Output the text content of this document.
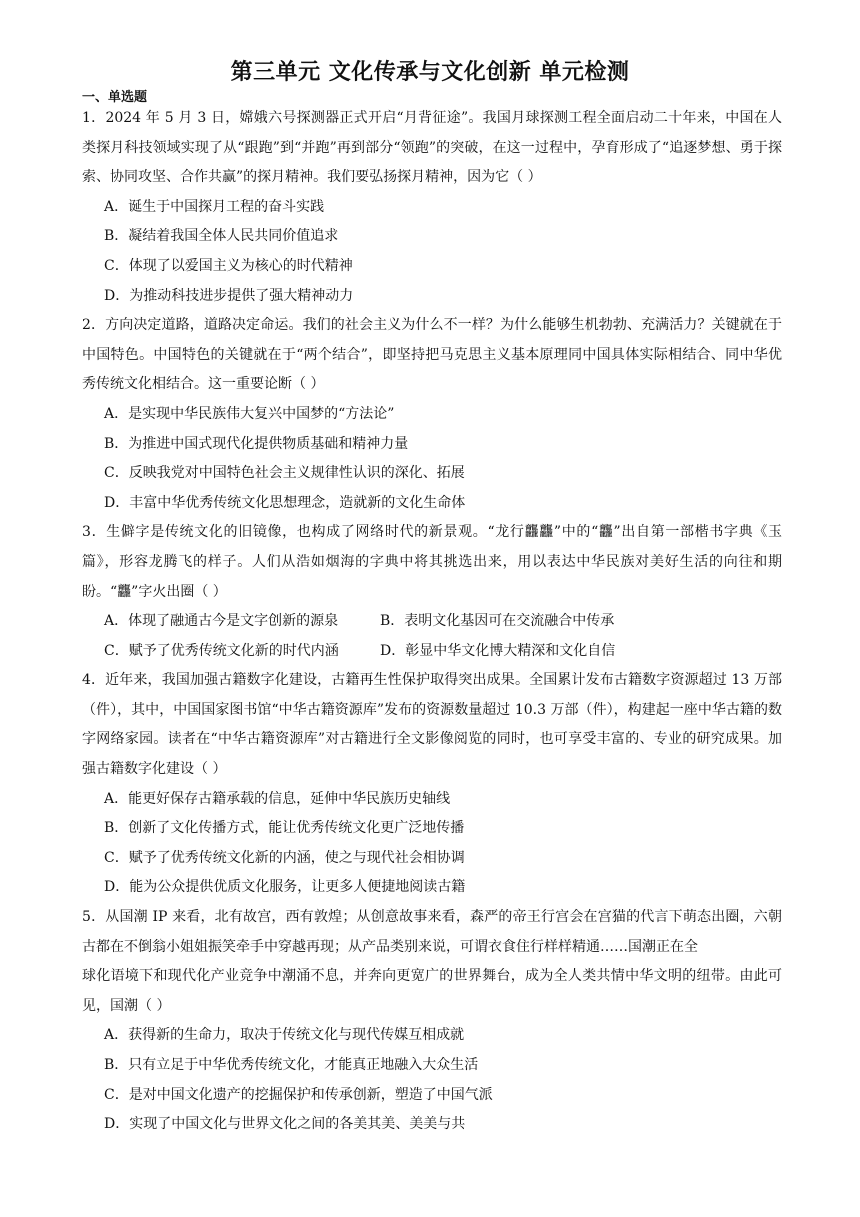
第三单元 文化传承与文化创新 单元检测
一、单选题
1．2024 年 5 月 3 日，嫦娥六号探测器正式开启“月背征途”。我国月球探测工程全面启动二十年来，中国在人类探月科技领域实现了从“跟跑”到“并跑”再到部分“领跑”的突破，在这一过程中，孕育形成了“追逐梦想、勇于探索、协同攻坚、合作共赢”的探月精神。我们要弘扬探月精神，因为它（ ）
A．诞生于中国探月工程的奋斗实践
B．凝结着我国全体人民共同价值追求
C．体现了以爱国主义为核心的时代精神
D．为推动科技进步提供了强大精神动力
2．方向决定道路，道路决定命运。我们的社会主义为什么不一样？为什么能够生机勃勃、充满活力？关键就在于中国特色。中国特色的关键就在于“两个结合”，即坚持把马克思主义基本原理同中国具体实际相结合、同中华优秀传统文化相结合。这一重要论断（ ）
A．是实现中华民族伟大复兴中国梦的“方法论”
B．为推进中国式现代化提供物质基础和精神力量
C．反映我党对中国特色社会主义规律性认识的深化、拓展
D．丰富中华优秀传统文化思想理念，造就新的文化生命体
3．生僻字是传统文化的旧镜像，也构成了网络时代的新景观。“龙行龘龘”中的“龘”出自第一部楷书字典《玉篇》，形容龙腾飞的样子。人们从浩如烟海的字典中将其挑选出来，用以表达中华民族对美好生活的向往和期盼。“龘”字火出圈（ ）
A．体现了融通古今是文字创新的源泉	B．表明文化基因可在交流融合中传承
C．赋予了优秀传统文化新的时代内涵	D．彰显中华文化博大精深和文化自信
4．近年来，我国加强古籍数字化建设，古籍再生性保护取得突出成果。全国累计发布古籍数字资源超过 13 万部（件），其中，中国国家图书馆“中华古籍资源库”发布的资源数量超过 10.3 万部（件），构建起一座中华古籍的数字网络家园。读者在“中华古籍资源库”对古籍进行全文影像阅览的同时，也可享受丰富的、专业的研究成果。加强古籍数字化建设（ ）
A．能更好保存古籍承载的信息，延伸中华民族历史轴线
B．创新了文化传播方式，能让优秀传统文化更广泛地传播
C．赋予了优秀传统文化新的内涵，使之与现代社会相协调
D．能为公众提供优质文化服务，让更多人便捷地阅读古籍
5．从国潮 IP 来看，北有故宫，西有敦煌；从创意故事来看，森严的帝王行宫会在宫猫的代言下萌态出圈，六朝古都在不倒翁小姐姐振笑牵手中穿越再现；从产品类别来说，可谓衣食住行样样精通……国潮正在全
球化语境下和现代化产业竞争中潮涌不息，并奔向更宽广的世界舞台，成为全人类共情中华文明的纽带。由此可见，国潮（ ）
A．获得新的生命力，取决于传统文化与现代传媒互相成就
B．只有立足于中华优秀传统文化，才能真正地融入大众生活
C．是对中国文化遗产的挖掘保护和传承创新，塑造了中国气派
D．实现了中国文化与世界文化之间的各美其美、美美与共
